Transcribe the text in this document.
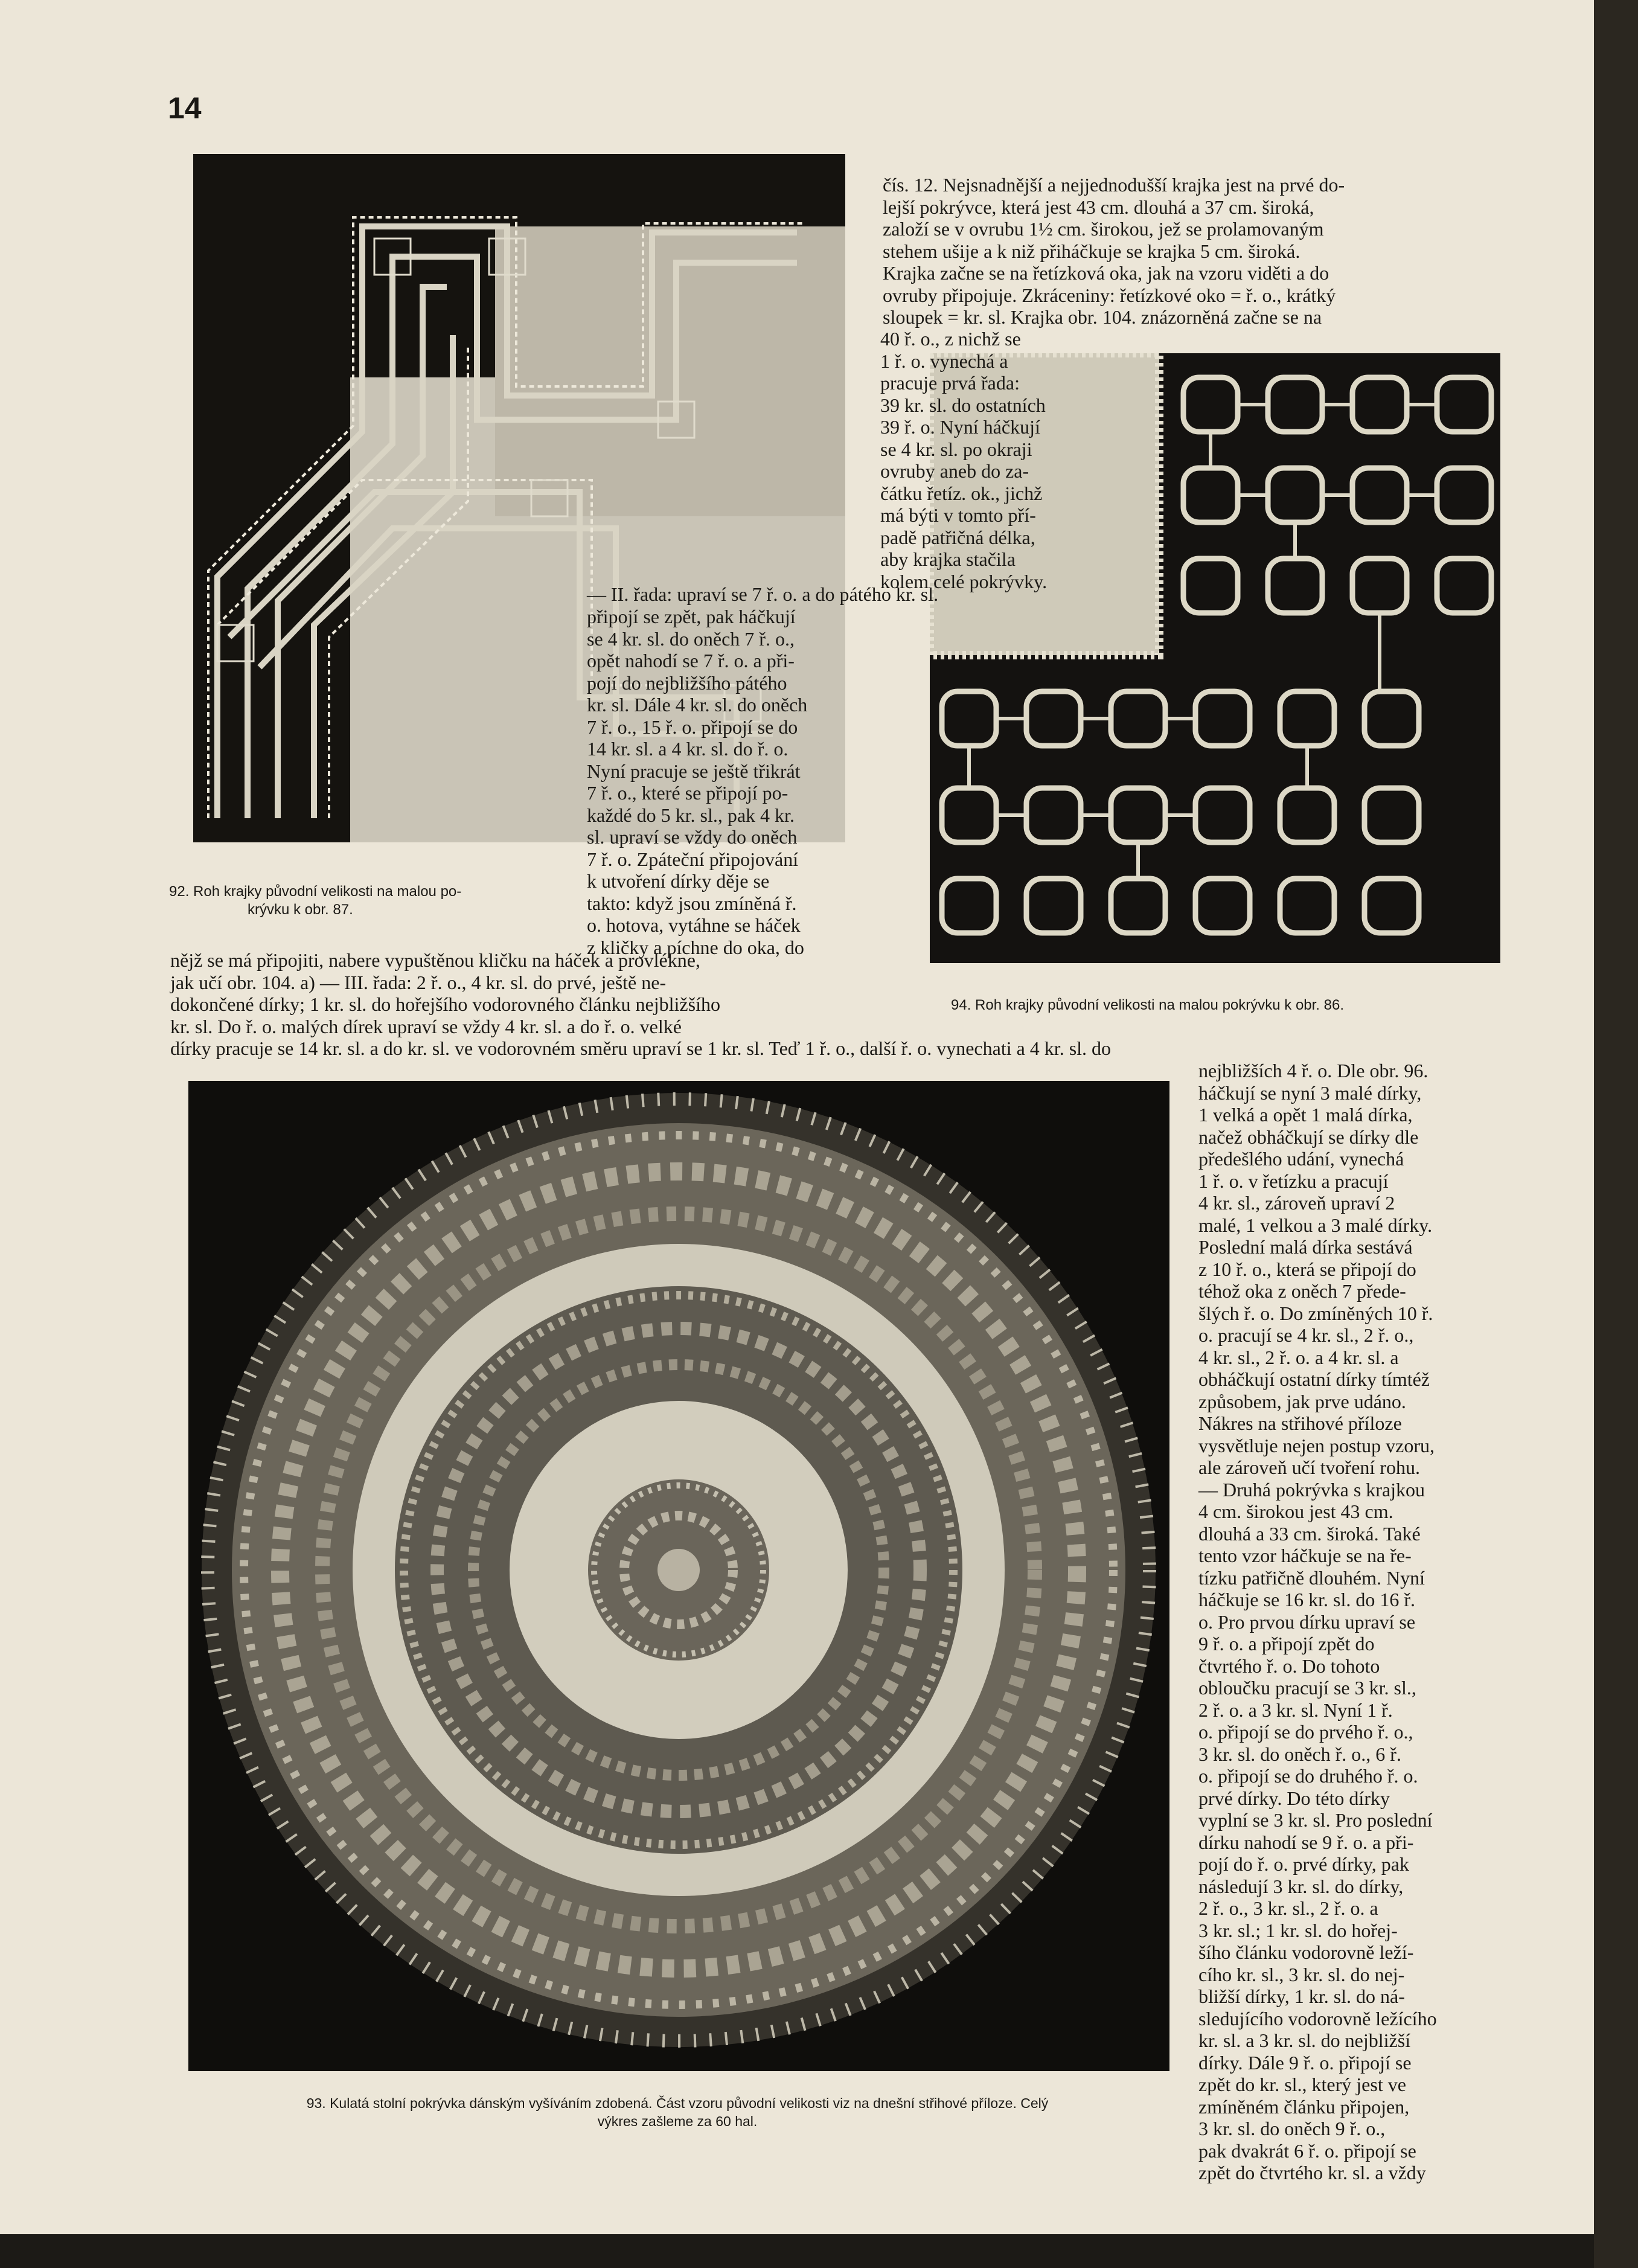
14

čís. 12. Nejsnadnější a nejjednodušší krajka jest na prvé do-
lejší pokrývce, která jest 43 cm. dlouhá a 37 cm. široká,
založí se v ovrubu 1½ cm. širokou, jež se prolamovaným
stehem ušije a k niž přiháčkuje se krajka 5 cm. široká.
Krajka začne se na řetízková oka, jak na vzoru viděti a do
ovruby připojuje. Zkráceniny: řetízkové oko = ř. o., krátký
sloupek = kr. sl. Krajka obr. 104. znázorněná začne se na

40 ř. o., z nichž se
1 ř. o. vynechá a
pracuje prvá řada:
39 kr. sl. do ostatních
39 ř. o. Nyní háčkují
se 4 kr. sl. po okraji
ovruby aneb do za-
čátku řetíz. ok., jichž
má býti v tomto pří-
padě patřičná délka,
aby krajka stačila
kolem celé pokrývky.

— II. řada: upraví se 7 ř. o. a do pátého kr. sl.

připojí se zpět, pak háčkují
se 4 kr. sl. do oněch 7 ř. o.,
opět nahodí se 7 ř. o. a při-
pojí do nejbližšího pátého
kr. sl. Dále 4 kr. sl. do oněch
7 ř. o., 15 ř. o. připojí se do
14 kr. sl. a 4 kr. sl. do ř. o.
Nyní pracuje se ještě třikrát
7 ř. o., které se připojí po-
každé do 5 kr. sl., pak 4 kr.
sl. upraví se vždy do oněch
7 ř. o. Zpáteční připojování
k utvoření dírky děje se
takto: když jsou zmíněná ř.
o. hotova, vytáhne se háček
z kličky a píchne do oka, do

92. Roh krajky původní velikosti na malou po-
krývku k obr. 87.

nějž se má připojiti, nabere vypuštěnou kličku na háček a provlékne,
jak učí obr. 104. a) — III. řada: 2 ř. o., 4 kr. sl. do prvé, ještě ne-
dokončené dírky; 1 kr. sl. do hořejšího vodorovného článku nejbližšího
kr. sl. Do ř. o. malých dírek upraví se vždy 4 kr. sl. a do ř. o. velké

dírky pracuje se 14 kr. sl. a do kr. sl. ve vodorovném směru upraví se 1 kr. sl. Teď 1 ř. o., další ř. o. vynechati a 4 kr. sl. do

94. Roh krajky původní velikosti na malou pokrývku k obr. 86.

nejbližších 4 ř. o. Dle obr. 96.
háčkují se nyní 3 malé dírky,
1 velká a opět 1 malá dírka,
načež obháčkují se dírky dle
předešlého udání, vynechá
1 ř. o. v řetízku a pracují
4 kr. sl., zároveň upraví 2
malé, 1 velkou a 3 malé dírky.
Poslední malá dírka sestává
z 10 ř. o., která se připojí do
téhož oka z oněch 7 přede-
šlých ř. o. Do zmíněných 10 ř.
o. pracují se 4 kr. sl., 2 ř. o.,
4 kr. sl., 2 ř. o. a 4 kr. sl. a
obháčkují ostatní dírky tímtéž
způsobem, jak prve udáno.
Nákres na střihové příloze
vysvětluje nejen postup vzoru,
ale zároveň učí tvoření rohu.
— Druhá pokrývka s krajkou
4 cm. širokou jest 43 cm.
dlouhá a 33 cm. široká. Také
tento vzor háčkuje se na ře-
tízku patřičně dlouhém. Nyní
háčkuje se 16 kr. sl. do 16 ř.
o. Pro prvou dírku upraví se
9 ř. o. a připojí zpět do
čtvrtého ř. o. Do tohoto
obloučku pracují se 3 kr. sl.,
2 ř. o. a 3 kr. sl. Nyní 1 ř.
o. připojí se do prvého ř. o.,
3 kr. sl. do oněch ř. o., 6 ř.
o. připojí se do druhého ř. o.
prvé dírky. Do této dírky
vyplní se 3 kr. sl. Pro poslední
dírku nahodí se 9 ř. o. a při-
pojí do ř. o. prvé dírky, pak
následují 3 kr. sl. do dírky,
2 ř. o., 3 kr. sl., 2 ř. o. a
3 kr. sl.; 1 kr. sl. do hořej-
šího článku vodorovně leží-
cího kr. sl., 3 kr. sl. do nej-
bližší dírky, 1 kr. sl. do ná-
sledujícího vodorovně ležícího
kr. sl. a 3 kr. sl. do nejbližší
dírky. Dále 9 ř. o. připojí se
zpět do kr. sl., který jest ve
zmíněném článku připojen,
3 kr. sl. do oněch 9 ř. o.,
pak dvakrát 6 ř. o. připojí se
zpět do čtvrtého kr. sl. a vždy

93. Kulatá stolní pokrývka dánským vyšíváním zdobená. Část vzoru původní velikosti viz na dnešní střihové příloze. Celý
výkres zašleme za 60 hal.
